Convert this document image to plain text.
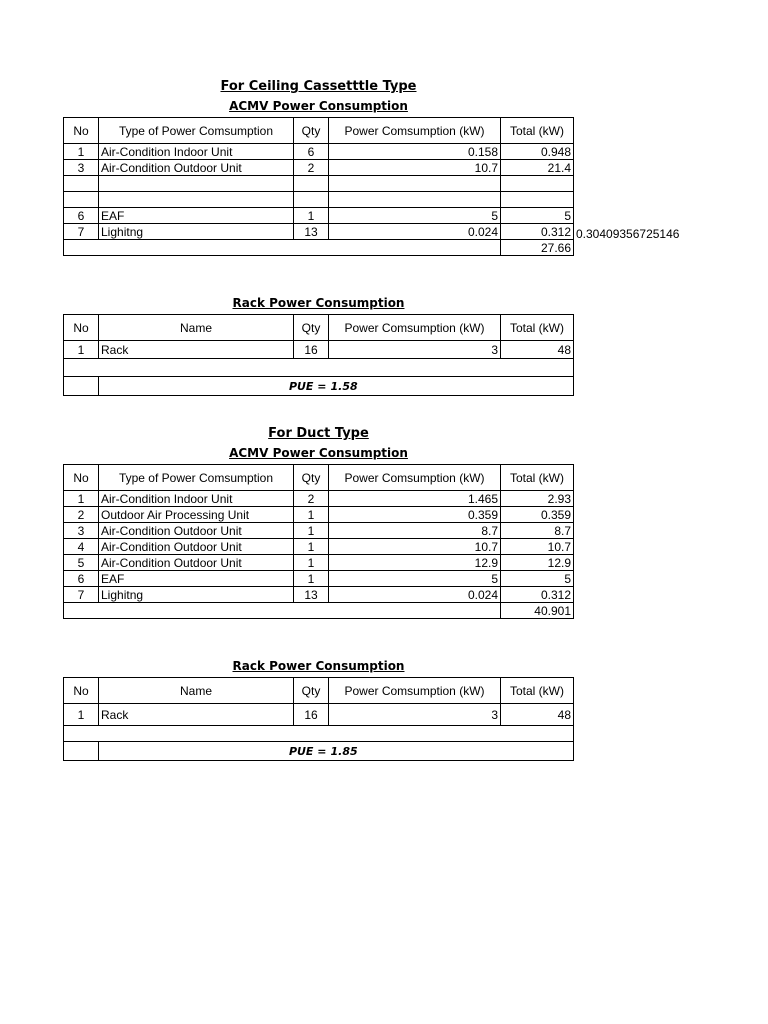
For Ceiling Cassetttle Type
ACMV Power Consumption
No	Type of Power Comsumption	Qty	Power Comsumption (kW)	Total (kW)
1	Air-Condition Indoor Unit	6	0.158	0.948
3	Air-Condition Outdoor Unit	2	10.7	21.4

6	EAF	1	5	5
7	Lighitng	13	0.024	0.312
				27.66
0.30409356725146
Rack Power Consumption
No	Name	Qty	Power Comsumption (kW)	Total (kW)
1	Rack	16	3	48

	PUE =		1.58	
For Duct Type
ACMV Power Consumption
No	Type of Power Comsumption	Qty	Power Comsumption (kW)	Total (kW)
1	Air-Condition Indoor Unit	2	1.465	2.93
2	Outdoor Air Processing Unit	1	0.359	0.359
3	Air-Condition Outdoor Unit	1	8.7	8.7
4	Air-Condition Outdoor Unit	1	10.7	10.7
5	Air-Condition Outdoor Unit	1	12.9	12.9
6	EAF	1	5	5
7	Lighitng	13	0.024	0.312
				40.901
Rack Power Consumption
No	Name	Qty	Power Comsumption (kW)	Total (kW)
1	Rack	16	3	48

	PUE =		1.85	
